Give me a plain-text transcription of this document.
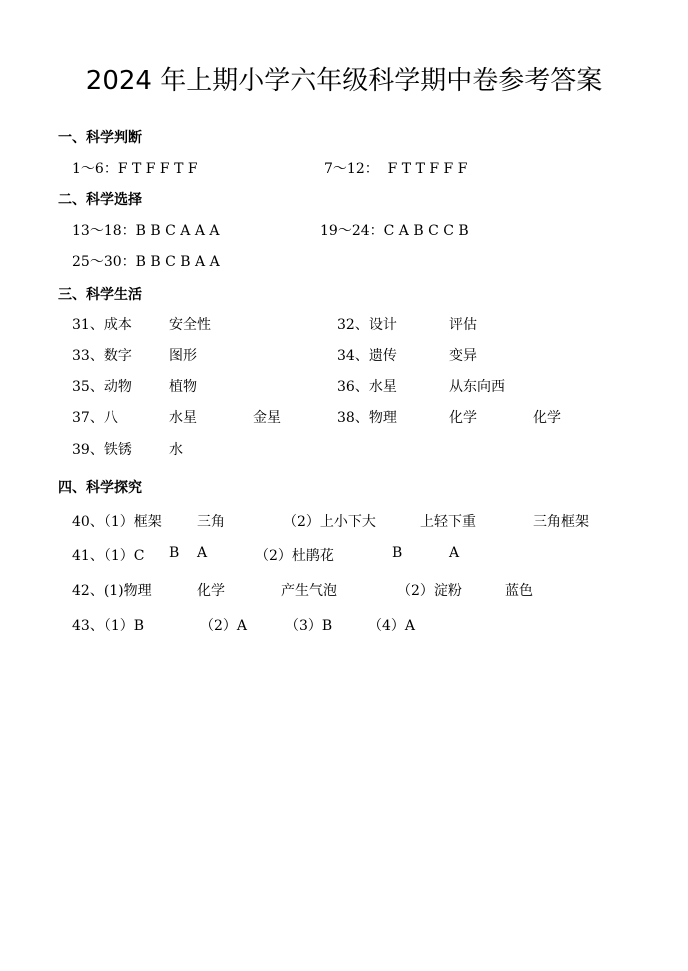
2024 年上期小学六年级科学期中卷参考答案
一、科学判断
1～6：F T F F T F	7～12：  F T T F F F
二、科学选择
13～18：B B C A A A	19～24：C A B C C B
25～30：B B C B A A
三、科学生活
31、成本	安全性	32、设计	评估
33、数字	图形	34、遗传	变异
35、动物	植物	36、水星	从东向西
37、八	水星	金星	38、物理	化学	化学
39、铁锈	水
四、科学探究
40、（1）框架	三角	（2）上小下大	上轻下重	三角框架
41、（1）C B A	（2）杜鹃花	B	A
42、(1)物理	化学	产生气泡	（2）淀粉	蓝色
43、（1）B	（2）A	（3）B	（4）A
